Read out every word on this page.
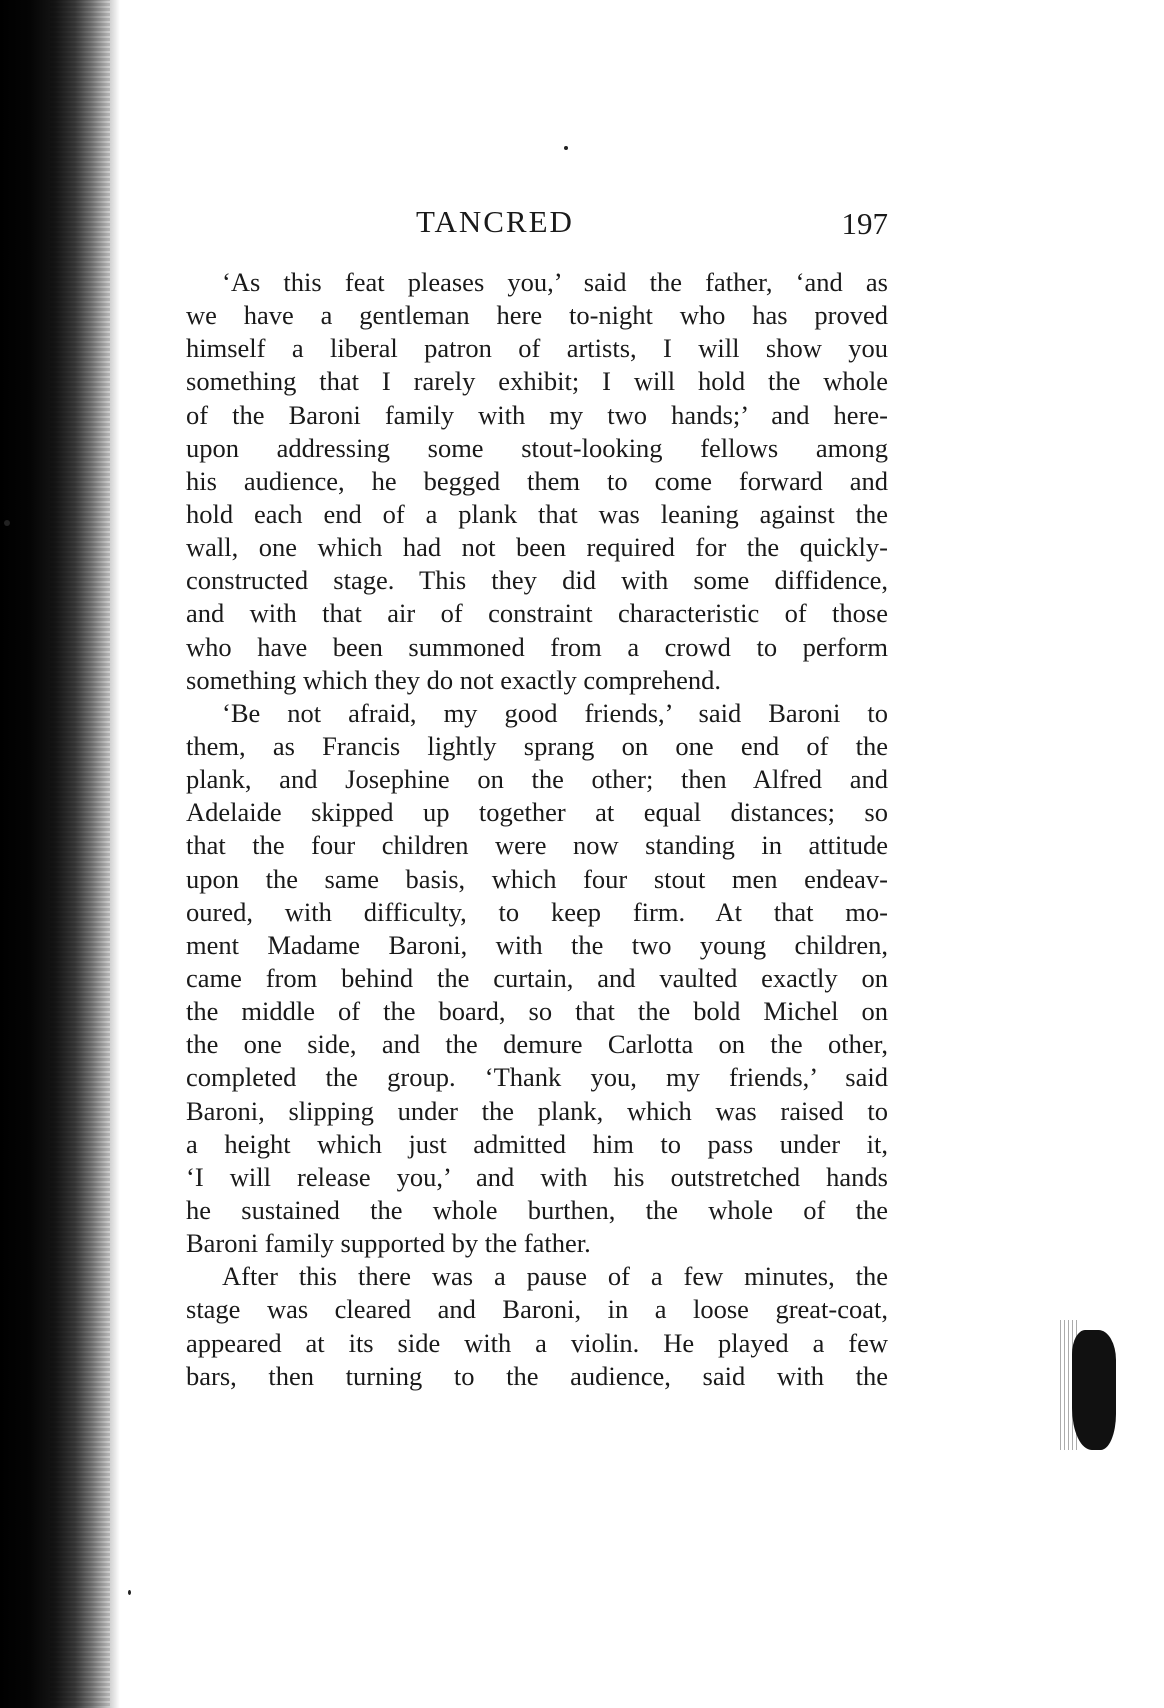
TANCRED	197
‘As this feat pleases you,’ said the father, ‘and as
we have a gentleman here to-night who has proved
himself a liberal patron of artists, I will show you
something that I rarely exhibit; I will hold the whole
of the Baroni family with my two hands;’ and here-
upon addressing some stout-looking fellows among
his audience, he begged them to come forward and
hold each end of a plank that was leaning against the
wall, one which had not been required for the quickly-
constructed stage. This they did with some diffidence,
and with that air of constraint characteristic of those
who have been summoned from a crowd to perform
something which they do not exactly comprehend.
‘Be not afraid, my good friends,’ said Baroni to
them, as Francis lightly sprang on one end of the
plank, and Josephine on the other; then Alfred and
Adelaide skipped up together at equal distances; so
that the four children were now standing in attitude
upon the same basis, which four stout men endeav-
oured, with difficulty, to keep firm. At that mo-
ment Madame Baroni, with the two young children,
came from behind the curtain, and vaulted exactly on
the middle of the board, so that the bold Michel on
the one side, and the demure Carlotta on the other,
completed the group. ‘Thank you, my friends,’ said
Baroni, slipping under the plank, which was raised to
a height which just admitted him to pass under it,
‘I will release you,’ and with his outstretched hands
he sustained the whole burthen, the whole of the
Baroni family supported by the father.
After this there was a pause of a few minutes, the
stage was cleared and Baroni, in a loose great-coat,
appeared at its side with a violin. He played a few
bars, then turning to the audience, said with the
